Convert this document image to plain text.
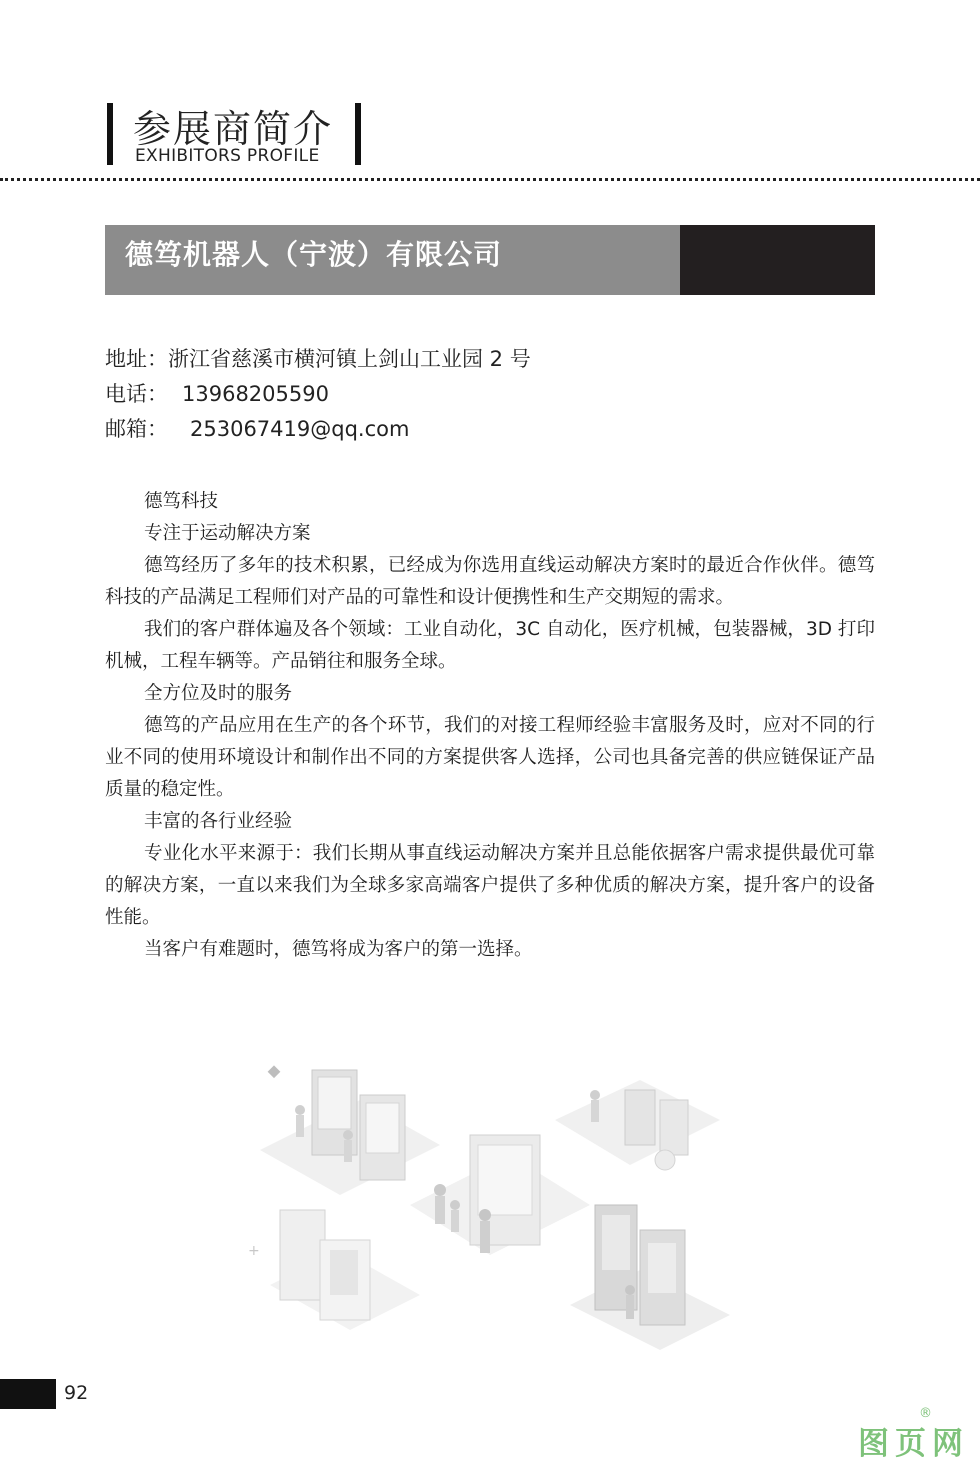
参展商简介
EXHIBITORS PROFILE
德笃机器人（宁波）有限公司
地址：浙江省慈溪市横河镇上剑山工业园 2 号
电话： 13968205590
邮箱： 253067419@qq.com

德笃科技

专注于运动解决方案

德笃经历了多年的技术积累，已经成为你选用直线运动解决方案时的最近合作伙伴。德笃科技的产品满足工程师们对产品的可靠性和设计便携性和生产交期短的需求。

我们的客户群体遍及各个领域：工业自动化，3C 自动化，医疗机械，包装器械，3D 打印机械，工程车辆等。产品销往和服务全球。

全方位及时的服务

德笃的产品应用在生产的各个环节，我们的对接工程师经验丰富服务及时，应对不同的行业不同的使用环境设计和制作出不同的方案提供客人选择，公司也具备完善的供应链保证产品质量的稳定性。

丰富的各行业经验

专业化水平来源于：我们长期从事直线运动解决方案并且总能依据客户需求提供最优可靠的解决方案，一直以来我们为全球多家高端客户提供了多种优质的解决方案，提升客户的设备性能。

当客户有难题时，德笃将成为客户的第一选择。

+
92
图页网
®
